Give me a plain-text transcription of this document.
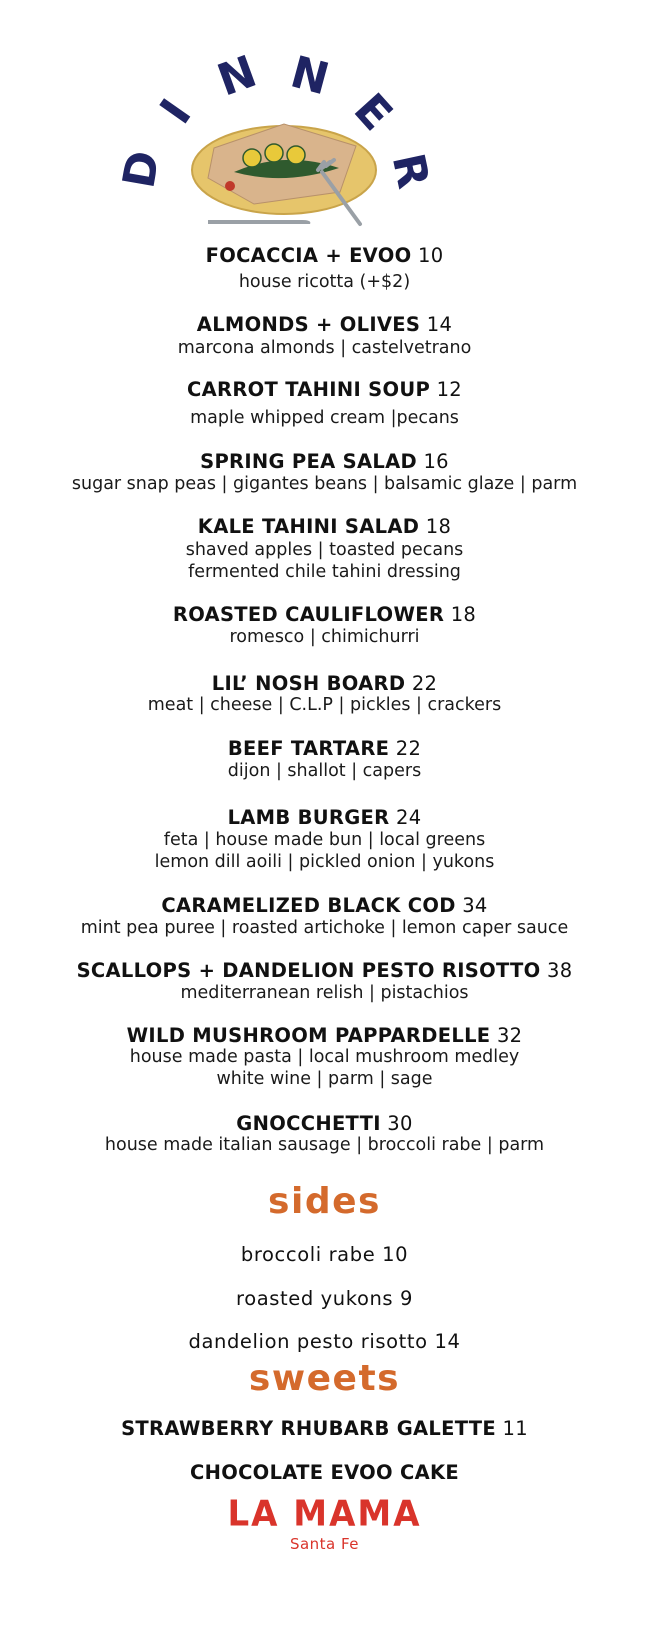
D
I
N N
E
R
FOCACCIA + EVOO 10
house ricotta (+$2)
ALMONDS + OLIVES 14
marcona almonds | castelvetrano
CARROT TAHINI SOUP 12
maple whipped cream |pecans
SPRING PEA SALAD 16
sugar snap peas | gigantes beans | balsamic glaze | parm
KALE TAHINI SALAD 18
shaved apples | toasted pecans
fermented chile tahini dressing
ROASTED CAULIFLOWER 18
romesco | chimichurri
LIL’ NOSH BOARD 22
meat | cheese | C.L.P | pickles | crackers
BEEF TARTARE 22
dijon | shallot | capers
LAMB BURGER 24
feta | house made bun | local greens
lemon dill aoili | pickled onion | yukons
CARAMELIZED BLACK COD 34
mint pea puree | roasted artichoke | lemon caper sauce
SCALLOPS + DANDELION PESTO RISOTTO 38
mediterranean relish | pistachios
WILD MUSHROOM PAPPARDELLE 32
house made pasta | local mushroom medley
white wine | parm | sage
GNOCCHETTI 30
house made italian sausage | broccoli rabe | parm
sides
broccoli rabe 10
roasted yukons 9
dandelion pesto risotto 14
sweets
STRAWBERRY RHUBARB GALETTE 11
CHOCOLATE EVOO CAKE
LA MAMA
Santa Fe
